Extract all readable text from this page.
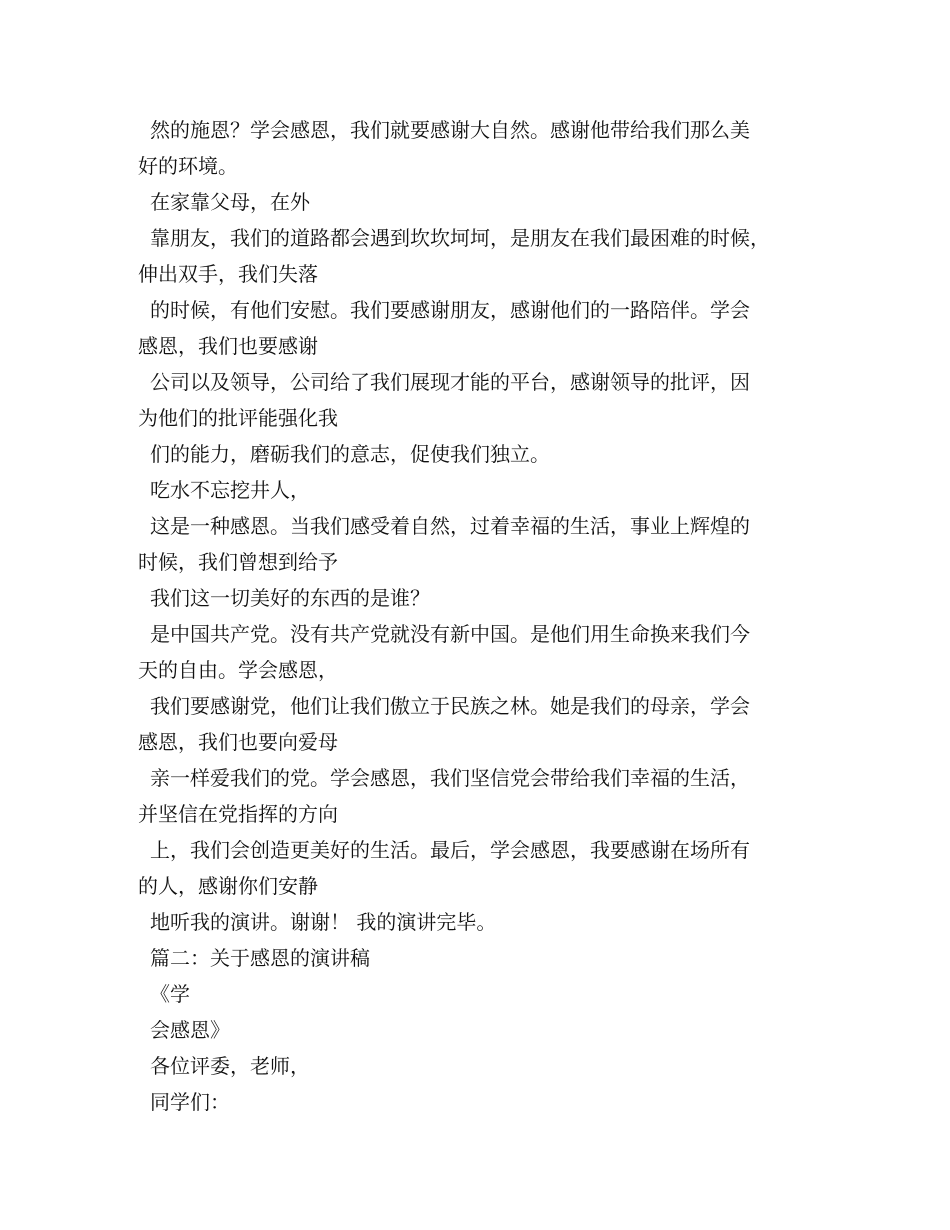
然的施恩？学会感恩，我们就要感谢大自然。感谢他带给我们那么美
好的环境。
在家靠父母，在外
靠朋友，我们的道路都会遇到坎坎坷坷，是朋友在我们最困难的时候，
伸出双手，我们失落
的时候，有他们安慰。我们要感谢朋友，感谢他们的一路陪伴。学会
感恩，我们也要感谢
公司以及领导，公司给了我们展现才能的平台，感谢领导的批评，因
为他们的批评能强化我
们的能力，磨砺我们的意志，促使我们独立。
吃水不忘挖井人，
这是一种感恩。当我们感受着自然，过着幸福的生活，事业上辉煌的
时候，我们曾想到给予
我们这一切美好的东西的是谁？
是中国共产党。没有共产党就没有新中国。是他们用生命换来我们今
天的自由。学会感恩，
我们要感谢党，他们让我们傲立于民族之林。她是我们的母亲，学会
感恩，我们也要向爱母
亲一样爱我们的党。学会感恩，我们坚信党会带给我们幸福的生活，
并坚信在党指挥的方向
上，我们会创造更美好的生活。最后，学会感恩，我要感谢在场所有
的人，感谢你们安静
地听我的演讲。谢谢！ 我的演讲完毕。
篇二：关于感恩的演讲稿
《学
会感恩》
各位评委，老师，
同学们：
